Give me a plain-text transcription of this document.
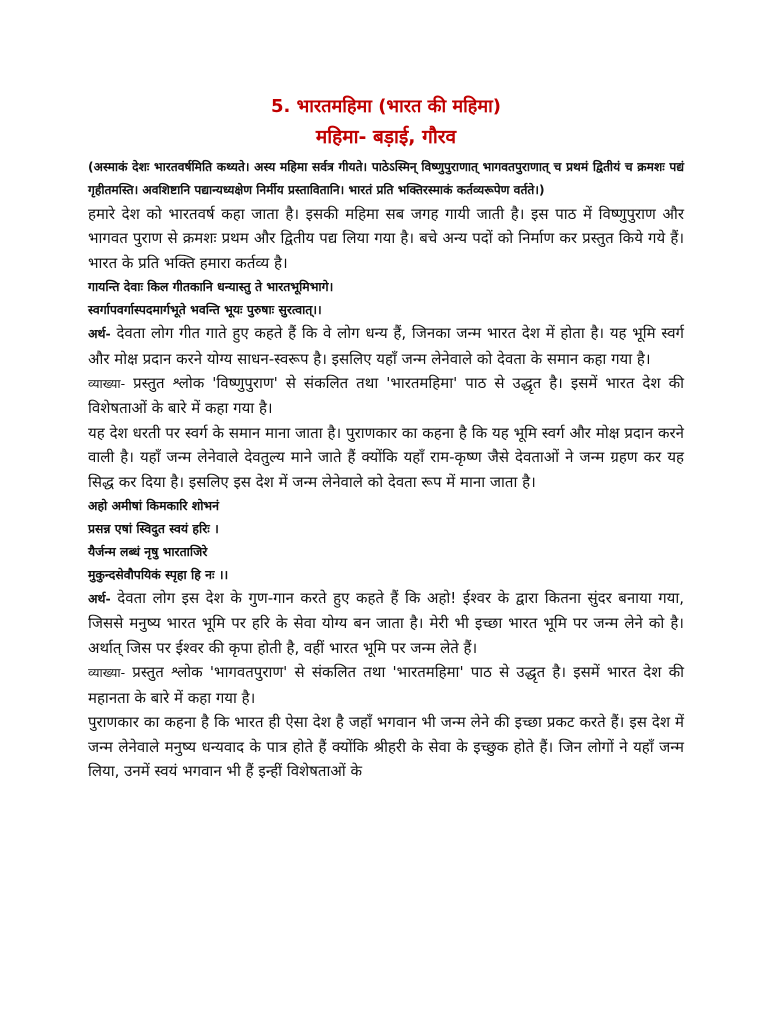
5. भारतमहिमा (भारत की महिमा)
महिमा- बड़ाई, गौरव

(अस्माकं देशः भारतवर्षमिति कथ्यते। अस्य महिमा सर्वत्र गीयते। पाठेऽस्मिन् विष्णुपुराणात् भागवतपुराणात् च प्रथमं द्वितीयं च क्रमशः पद्यं गृहीतमस्ति। अवशिष्टानि पद्यान्यध्यक्षेण निर्मीय प्रस्तावितानि। भारतं प्रति भक्तिरस्माकं कर्तव्यरूपेण वर्तते।)

हमारे देश को भारतवर्ष कहा जाता है। इसकी महिमा सब जगह गायी जाती है। इस पाठ में विष्णुपुराण और भागवत पुराण से क्रमशः प्रथम और द्वितीय पद्य लिया गया है। बचे अन्य पदों को निर्माण कर प्रस्तुत किये गये हैं। भारत के प्रति भक्ति हमारा कर्तव्य है।

गायन्ति देवाः किल गीतकानि धन्यास्तु ते भारतभूमिभागे।

स्वर्गापवर्गास्पदमार्गभूते भवन्ति भूयः पुरुषाः सुरत्वात्।।

अर्थ- देवता लोग गीत गाते हुए कहते हैं कि वे लोग धन्य हैं, जिनका जन्म भारत देश में होता है। यह भूमि स्वर्ग और मोक्ष प्रदान करने योग्य साधन-स्वरूप है। इसलिए यहाँ जन्म लेनेवाले को देवता के समान कहा गया है।

व्याख्या- प्रस्तुत श्लोक 'विष्णुपुराण' से संकलित तथा 'भारतमहिमा' पाठ से उद्धृत है। इसमें भारत देश की विशेषताओं के बारे में कहा गया है।

यह देश धरती पर स्वर्ग के समान माना जाता है। पुराणकार का कहना है कि यह भूमि स्वर्ग और मोक्ष प्रदान करने वाली है। यहाँ जन्म लेनेवाले देवतुल्य माने जाते हैं क्योंकि यहाँ राम-कृष्ण जैसे देवताओं ने जन्म ग्रहण कर यह सिद्ध कर दिया है। इसलिए इस देश में जन्म लेनेवाले को देवता रूप में माना जाता है।

अहो अमीषां किमकारि शोभनं

प्रसन्न एषां स्विदुत स्वयं हरिः ।

यैर्जन्म लब्धं नृषु भारताजिरे

मुकुन्दसेवौपयिकं स्पृहा हि नः ।।

अर्थ- देवता लोग इस देश के गुण-गान करते हुए कहते हैं कि अहो! ईश्वर के द्वारा कितना सुंदर बनाया गया, जिससे मनुष्य भारत भूमि पर हरि के सेवा योग्य बन जाता है। मेरी भी इच्छा भारत भूमि पर जन्म लेने को है। अर्थात् जिस पर ईश्वर की कृपा होती है, वहीं भारत भूमि पर जन्म लेते हैं।

व्याख्या- प्रस्तुत श्लोक 'भागवतपुराण' से संकलित तथा 'भारतमहिमा' पाठ से उद्धृत है। इसमें भारत देश की महानता के बारे में कहा गया है।

पुराणकार का कहना है कि भारत ही ऐसा देश है जहाँ भगवान भी जन्म लेने की इच्छा प्रकट करते हैं। इस देश में जन्म लेनेवाले मनुष्य धन्यवाद के पात्र होते हैं क्योंकि श्रीहरी के सेवा के इच्छुक होते हैं। जिन लोगों ने यहाँ जन्म लिया, उनमें स्वयं भगवान भी हैं इन्हीं विशेषताओं के
